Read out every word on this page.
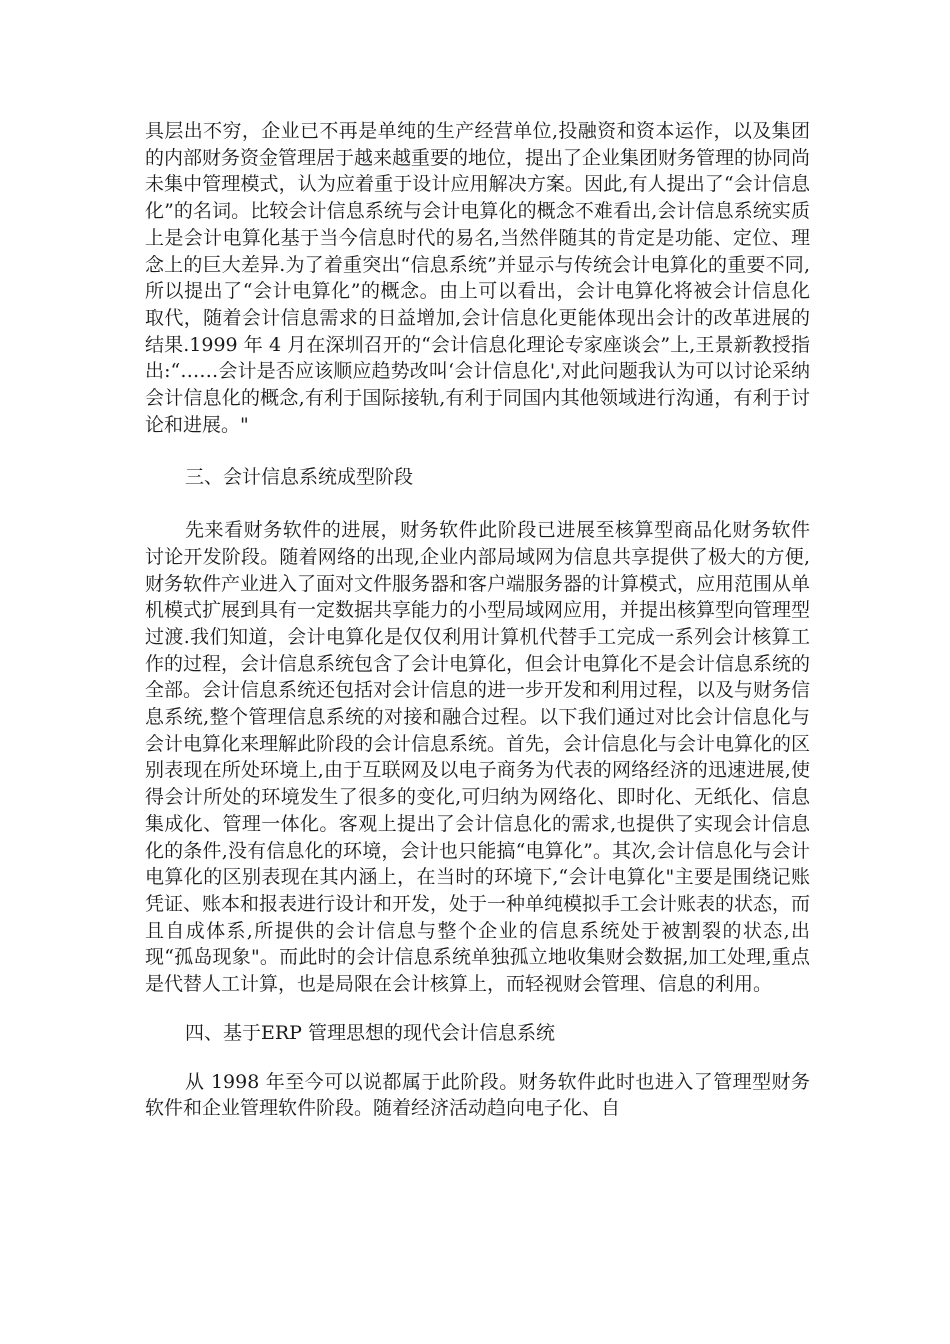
具层出不穷，企业已不再是单纯的生产经营单位,投融资和资本运作，以及集团的内部财务资金管理居于越来越重要的地位，提出了企业集团财务管理的协同尚未集中管理模式，认为应着重于设计应用解决方案。因此,有人提出了“会计信息化”的名词。比较会计信息系统与会计电算化的概念不难看出,会计信息系统实质上是会计电算化基于当今信息时代的易名,当然伴随其的肯定是功能、定位、理念上的巨大差异.为了着重突出“信息系统”并显示与传统会计电算化的重要不同,所以提出了“会计电算化”的概念。由上可以看出，会计电算化将被会计信息化取代，随着会计信息需求的日益增加,会计信息化更能体现出会计的改革进展的结果.1999 年 4 月在深圳召开的“会计信息化理论专家座谈会”上,王景新教授指出:“……会计是否应该顺应趋势改叫‘会计信息化',对此问题我认为可以讨论采纳会计信息化的概念,有利于国际接轨,有利于同国内其他领域进行沟通，有利于讨论和进展。"

三、会计信息系统成型阶段

先来看财务软件的进展，财务软件此阶段已进展至核算型商品化财务软件讨论开发阶段。随着网络的出现,企业内部局域网为信息共享提供了极大的方便,财务软件产业进入了面对文件服务器和客户端服务器的计算模式，应用范围从单机模式扩展到具有一定数据共享能力的小型局域网应用，并提出核算型向管理型过渡.我们知道，会计电算化是仅仅利用计算机代替手工完成一系列会计核算工作的过程，会计信息系统包含了会计电算化，但会计电算化不是会计信息系统的全部。会计信息系统还包括对会计信息的进一步开发和利用过程，以及与财务信息系统,整个管理信息系统的对接和融合过程。以下我们通过对比会计信息化与会计电算化来理解此阶段的会计信息系统。首先，会计信息化与会计电算化的区别表现在所处环境上,由于互联网及以电子商务为代表的网络经济的迅速进展,使得会计所处的环境发生了很多的变化,可归纳为网络化、即时化、无纸化、信息集成化、管理一体化。客观上提出了会计信息化的需求,也提供了实现会计信息化的条件,没有信息化的环境，会计也只能搞“电算化”。其次,会计信息化与会计电算化的区别表现在其内涵上，在当时的环境下,“会计电算化"主要是围绕记账凭证、账本和报表进行设计和开发，处于一种单纯模拟手工会计账表的状态，而且自成体系,所提供的会计信息与整个企业的信息系统处于被割裂的状态,出现“孤岛现象"。而此时的会计信息系统单独孤立地收集财会数据,加工处理,重点是代替人工计算，也是局限在会计核算上，而轻视财会管理、信息的利用。

四、基于ERP 管理思想的现代会计信息系统

从 1998 年至今可以说都属于此阶段。财务软件此时也进入了管理型财务软件和企业管理软件阶段。随着经济活动趋向电子化、自
